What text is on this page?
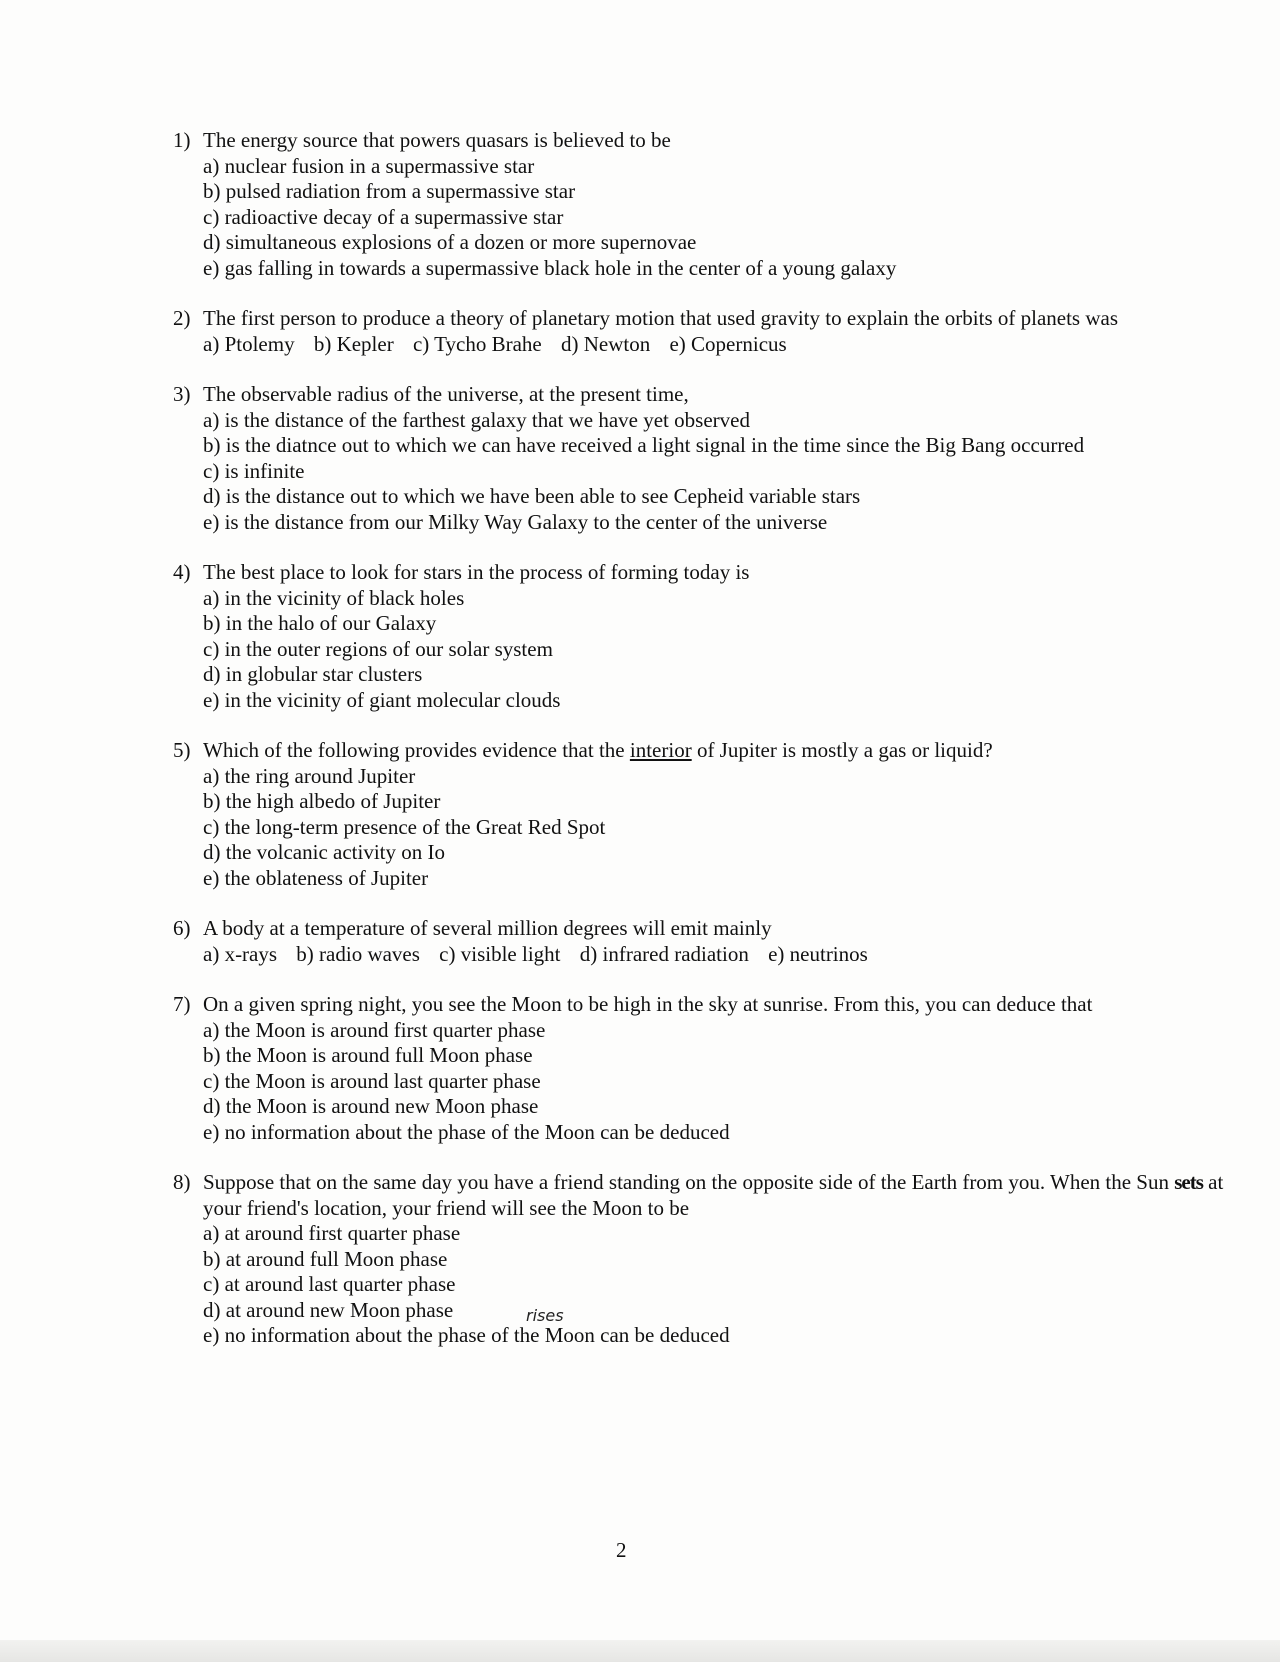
1) The energy source that powers quasars is believed to be
a) nuclear fusion in a supermassive star
b) pulsed radiation from a supermassive star
c) radioactive decay of a supermassive star
d) simultaneous explosions of a dozen or more supernovae
e) gas falling in towards a supermassive black hole in the center of a young galaxy
2) The first person to produce a theory of planetary motion that used gravity to explain the orbits of planets was
a) Ptolemy b) Kepler c) Tycho Brahe d) Newton e) Copernicus
3) The observable radius of the universe, at the present time,
a) is the distance of the farthest galaxy that we have yet observed
b) is the diatnce out to which we can have received a light signal in the time since the Big Bang occurred
c) is infinite
d) is the distance out to which we have been able to see Cepheid variable stars
e) is the distance from our Milky Way Galaxy to the center of the universe
4) The best place to look for stars in the process of forming today is
a) in the vicinity of black holes
b) in the halo of our Galaxy
c) in the outer regions of our solar system
d) in globular star clusters
e) in the vicinity of giant molecular clouds
5) Which of the following provides evidence that the interior of Jupiter is mostly a gas or liquid?
a) the ring around Jupiter
b) the high albedo of Jupiter
c) the long-term presence of the Great Red Spot
d) the volcanic activity on Io
e) the oblateness of Jupiter
6) A body at a temperature of several million degrees will emit mainly
a) x-rays b) radio waves c) visible light d) infrared radiation e) neutrinos
7) On a given spring night, you see the Moon to be high in the sky at sunrise. From this, you can deduce that
a) the Moon is around first quarter phase
b) the Moon is around full Moon phase
c) the Moon is around last quarter phase
d) the Moon is around new Moon phase
e) no information about the phase of the Moon can be deduced
8) Suppose that on the same day you have a friend standing on the opposite side of the Earth from you. When the Sun sets at your friend's location, your friend will see the Moon to be
a) at around first quarter phase
b) at around full Moon phase
c) at around last quarter phase
d) at around new Moon phase
e) no information about the phase of the Moon can be deduced
rises
2
